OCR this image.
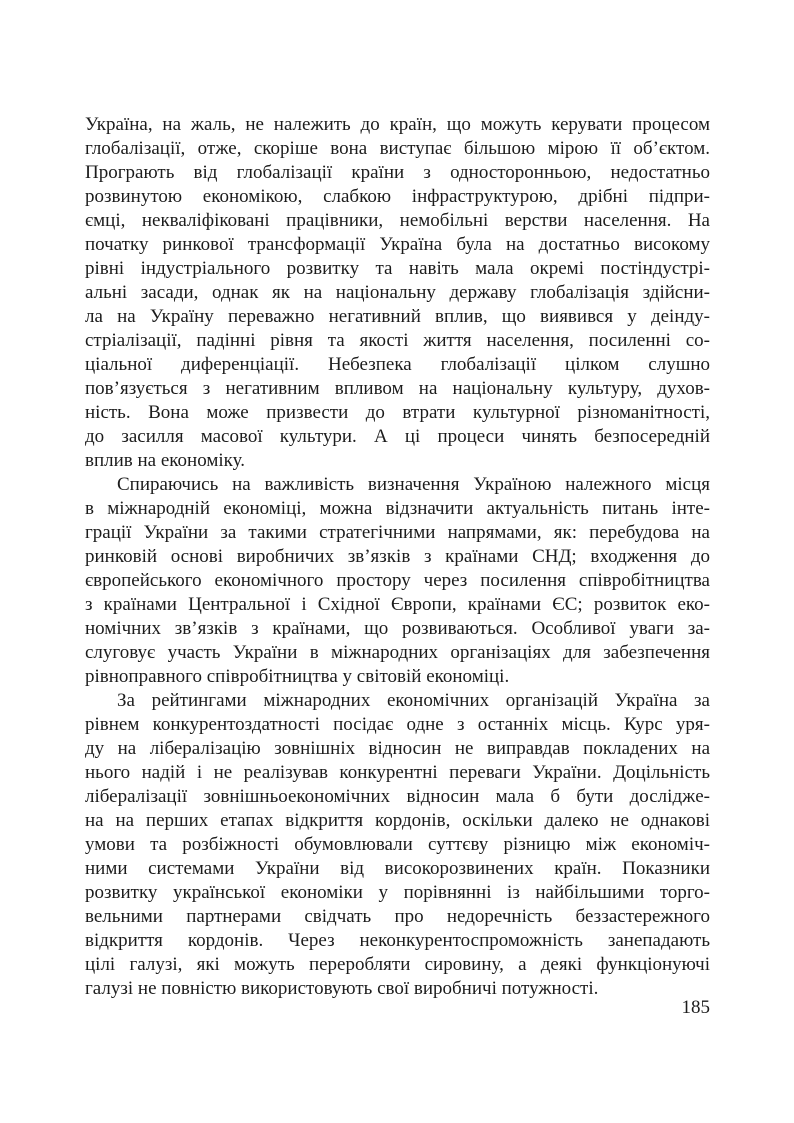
Україна, на жаль, не належить до країн, що можуть керувати процесом
глобалізації, отже, скоріше вона виступає більшою мірою її об’єктом.
Програють від глобалізації країни з односторонньою, недостатньо
розвинутою економікою, слабкою інфраструктурою, дрібні підпри-
ємці, некваліфіковані працівники, немобільні верстви населення. На
початку ринкової трансформації Україна була на достатньо високому
рівні індустріального розвитку та навіть мала окремі постіндустрі-
альні засади, однак як на національну державу глобалізація здійсни-
ла на Україну переважно негативний вплив, що виявився у деінду-
стріалізації, падінні рівня та якості життя населення, посиленні со-
ціальної диференціації. Небезпека глобалізації цілком слушно
пов’язується з негативним впливом на національну культуру, духов-
ність. Вона може призвести до втрати культурної різноманітності,
до засилля масової культури. А ці процеси чинять безпосередній
вплив на економіку.
Спираючись на важливість визначення Україною належного місця
в міжнародній економіці, можна відзначити актуальність питань інте-
грації України за такими стратегічними напрямами, як: перебудова на
ринковій основі виробничих зв’язків з країнами СНД; входження до
європейського економічного простору через посилення співробітництва
з країнами Центральної і Східної Європи, країнами ЄС; розвиток еко-
номічних зв’язків з країнами, що розвиваються. Особливої уваги за-
слуговує участь України в міжнародних організаціях для забезпечення
рівноправного співробітництва у світовій економіці.
За рейтингами міжнародних економічних організацій Україна за
рівнем конкурентоздатності посідає одне з останніх місць. Курс уря-
ду на лібералізацію зовнішніх відносин не виправдав покладених на
нього надій і не реалізував конкурентні переваги України. Доцільність
лібералізації зовнішньоекономічних відносин мала б бути досліджe-
на на перших етапах відкриття кордонів, оскільки далеко не однакові
умови та розбіжності обумовлювали суттєву різницю між економіч-
ними системами України від високорозвинених країн. Показники
розвитку української економіки у порівнянні із найбільшими торго-
вельними партнерами свідчать про недоречність беззастережного
відкриття кордонів. Через неконкурентоспроможність занепадають
цілі галузі, які можуть переробляти сировину, а деякі функціонуючі
галузі не повністю використовують свої виробничі потужності.
185
